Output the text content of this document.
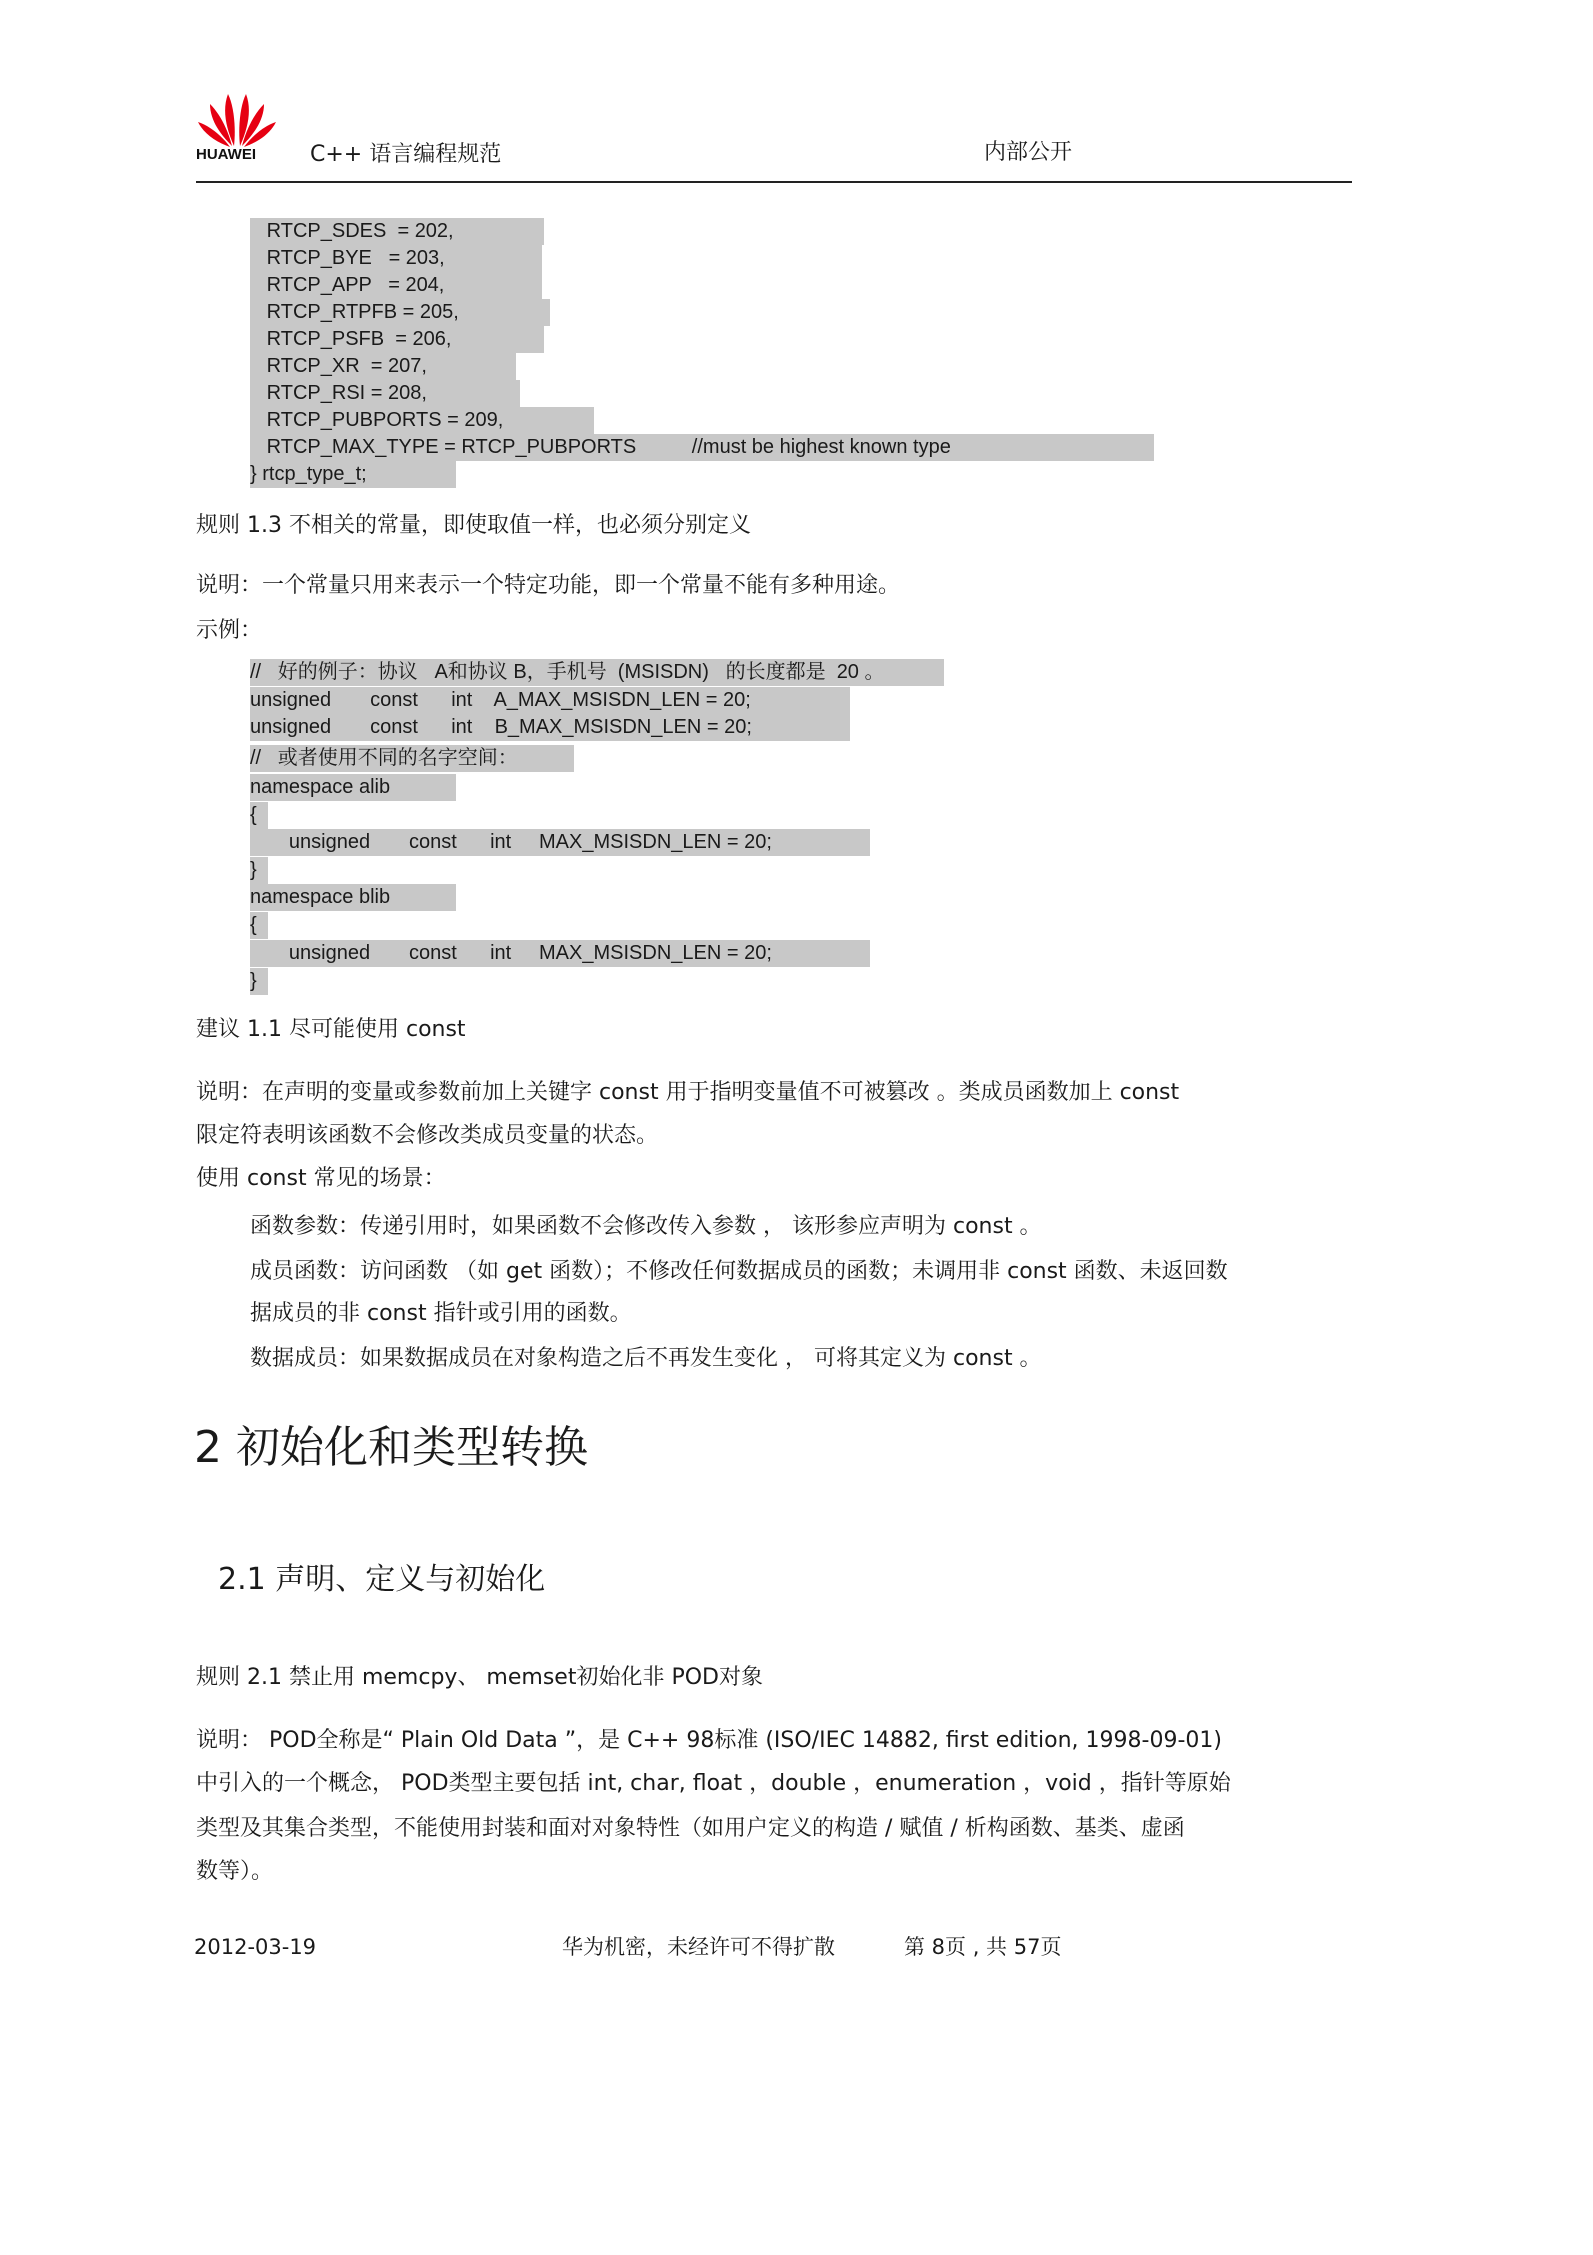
HUAWEI C++ 语言编程规范	内部公开
RTCP_SDES  = 202,
RTCP_BYE   = 203,
RTCP_APP   = 204,
RTCP_RTPFB = 205,
RTCP_PSFB  = 206,
RTCP_XR  = 207,
RTCP_RSI = 208,
RTCP_PUBPORTS = 209,
RTCP_MAX_TYPE = RTCP_PUBPORTS          //must be highest known type
} rtcp_type_t;
规则 1.3 不相关的常量，即使取值一样，也必须分别定义
说明：一个常量只用来表示一个特定功能，即一个常量不能有多种用途。
示例：
//   好的例子：协议   A和协议 B，手机号  (MSISDN)   的长度都是  20 。
unsigned       const      int    A_MAX_MSISDN_LEN = 20;
unsigned       const      int    B_MAX_MSISDN_LEN = 20;
//   或者使用不同的名字空间：
namespace alib
{
unsigned       const      int     MAX_MSISDN_LEN = 20;
}
namespace blib
{
unsigned       const      int     MAX_MSISDN_LEN = 20;
}
建议 1.1 尽可能使用 const
说明：在声明的变量或参数前加上关键字 const 用于指明变量值不可被篡改 。类成员函数加上 const
限定符表明该函数不会修改类成员变量的状态。
使用 const 常见的场景：
函数参数：传递引用时，如果函数不会修改传入参数 ， 该形参应声明为 const 。
成员函数：访问函数 （如 get 函数）；不修改任何数据成员的函数；未调用非 const 函数、未返回数
据成员的非 const 指针或引用的函数。
数据成员：如果数据成员在对象构造之后不再发生变化 ， 可将其定义为 const 。
2 初始化和类型转换
2.1 声明、定义与初始化
规则 2.1 禁止用 memcpy、 memset初始化非 POD对象
说明： POD全称是“ Plain Old Data ”，是 C++ 98标准 (ISO/IEC 14882, first edition, 1998-09-01)
中引入的一个概念， POD类型主要包括 int, char, float ，double ，enumeration ，void ，指针等原始
类型及其集合类型，不能使用封装和面对对象特性（如用户定义的构造 / 赋值 / 析构函数、基类、虚函
数等）。
2012-03-19	华为机密，未经许可不得扩散	第 8页 , 共 57页
